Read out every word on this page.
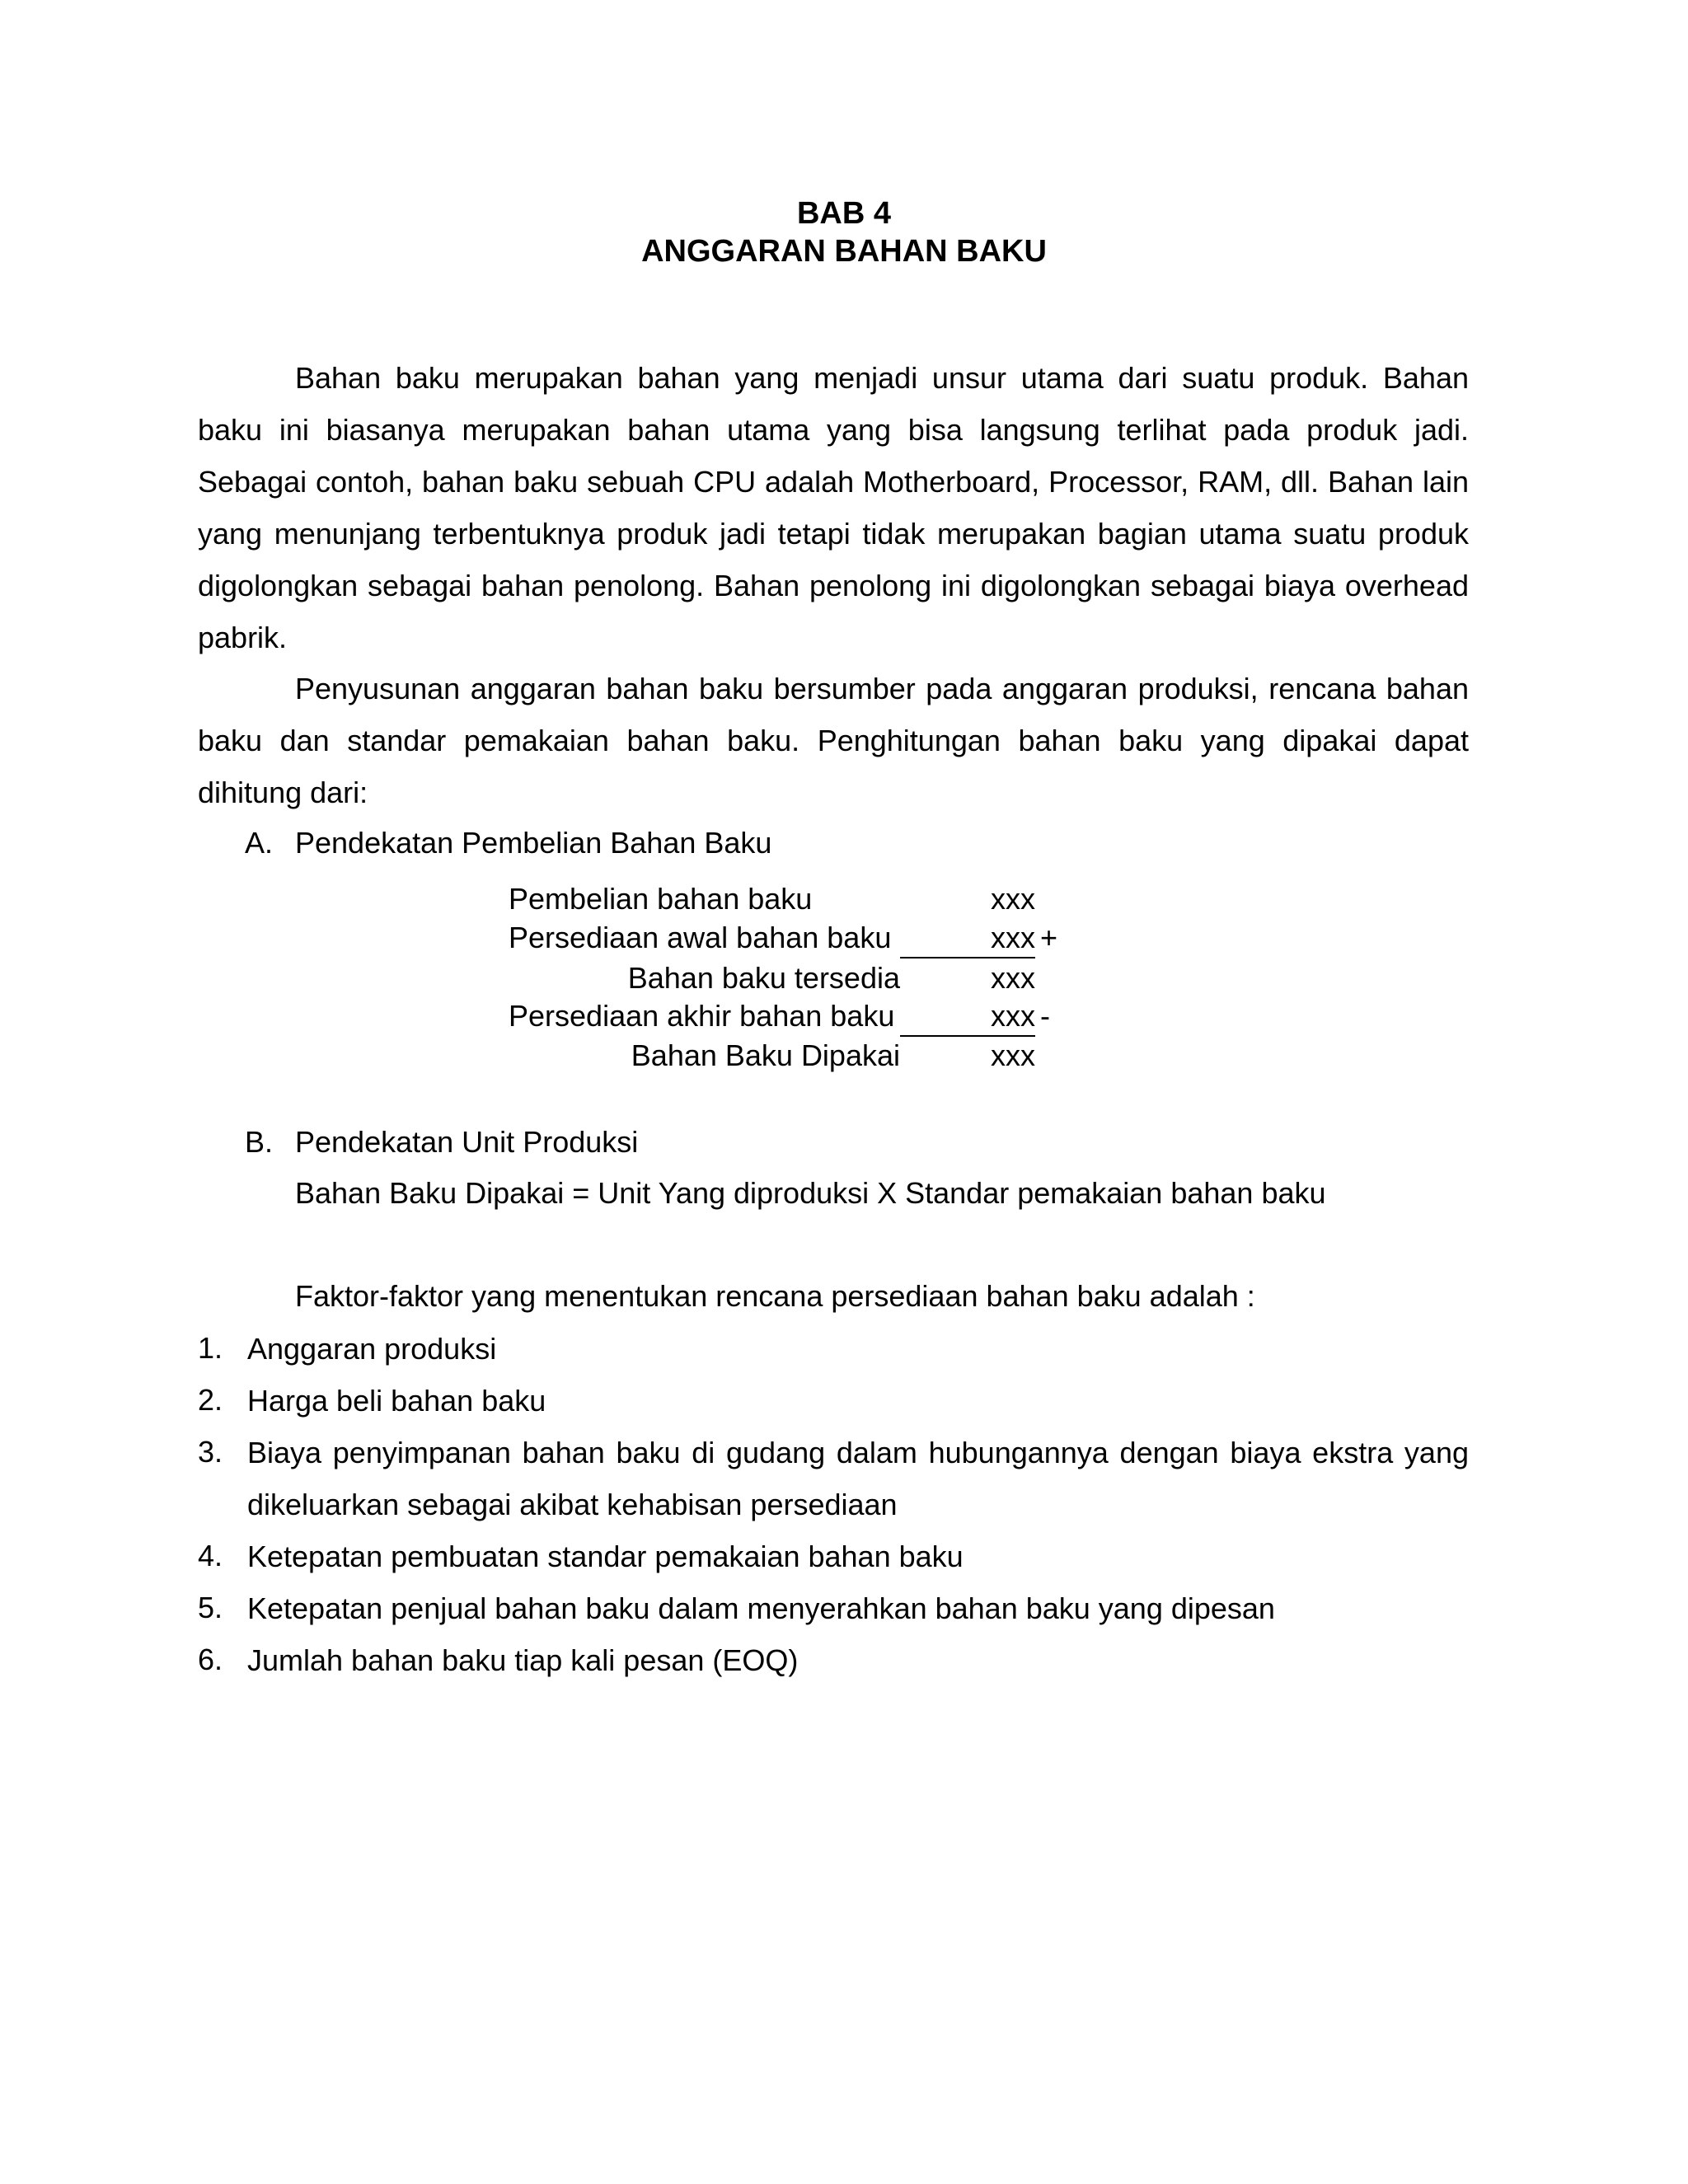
BAB 4
ANGGARAN BAHAN BAKU

Bahan baku merupakan bahan yang menjadi unsur utama dari suatu produk. Bahan baku ini biasanya merupakan bahan utama yang bisa langsung terlihat pada produk jadi. Sebagai contoh, bahan baku sebuah CPU adalah Motherboard, Processor, RAM, dll. Bahan lain yang menunjang terbentuknya produk jadi tetapi tidak merupakan bagian utama suatu produk digolongkan sebagai bahan penolong. Bahan penolong ini digolongkan sebagai biaya overhead pabrik.

Penyusunan anggaran bahan baku bersumber pada anggaran produksi, rencana bahan baku dan standar pemakaian bahan baku. Penghitungan bahan baku yang dipakai dapat dihitung dari:

A. Pendekatan Pembelian Bahan Baku
Pembelian bahan baku	xxx
Persediaan awal bahan baku	xxx +
Bahan baku tersedia	xxx
Persediaan akhir bahan baku	xxx -
Bahan Baku Dipakai	xxx
B. Pendekatan Unit Produksi
Bahan Baku Dipakai = Unit Yang diproduksi X Standar pemakaian bahan baku
Faktor-faktor yang menentukan rencana persediaan bahan baku adalah :
1. Anggaran produksi
2. Harga beli bahan baku
3. Biaya penyimpanan bahan baku di gudang dalam hubungannya dengan biaya ekstra yang dikeluarkan sebagai akibat kehabisan persediaan
4. Ketepatan pembuatan standar pemakaian bahan baku
5. Ketepatan penjual bahan baku dalam menyerahkan bahan baku yang dipesan
6. Jumlah bahan baku tiap kali pesan (EOQ)
